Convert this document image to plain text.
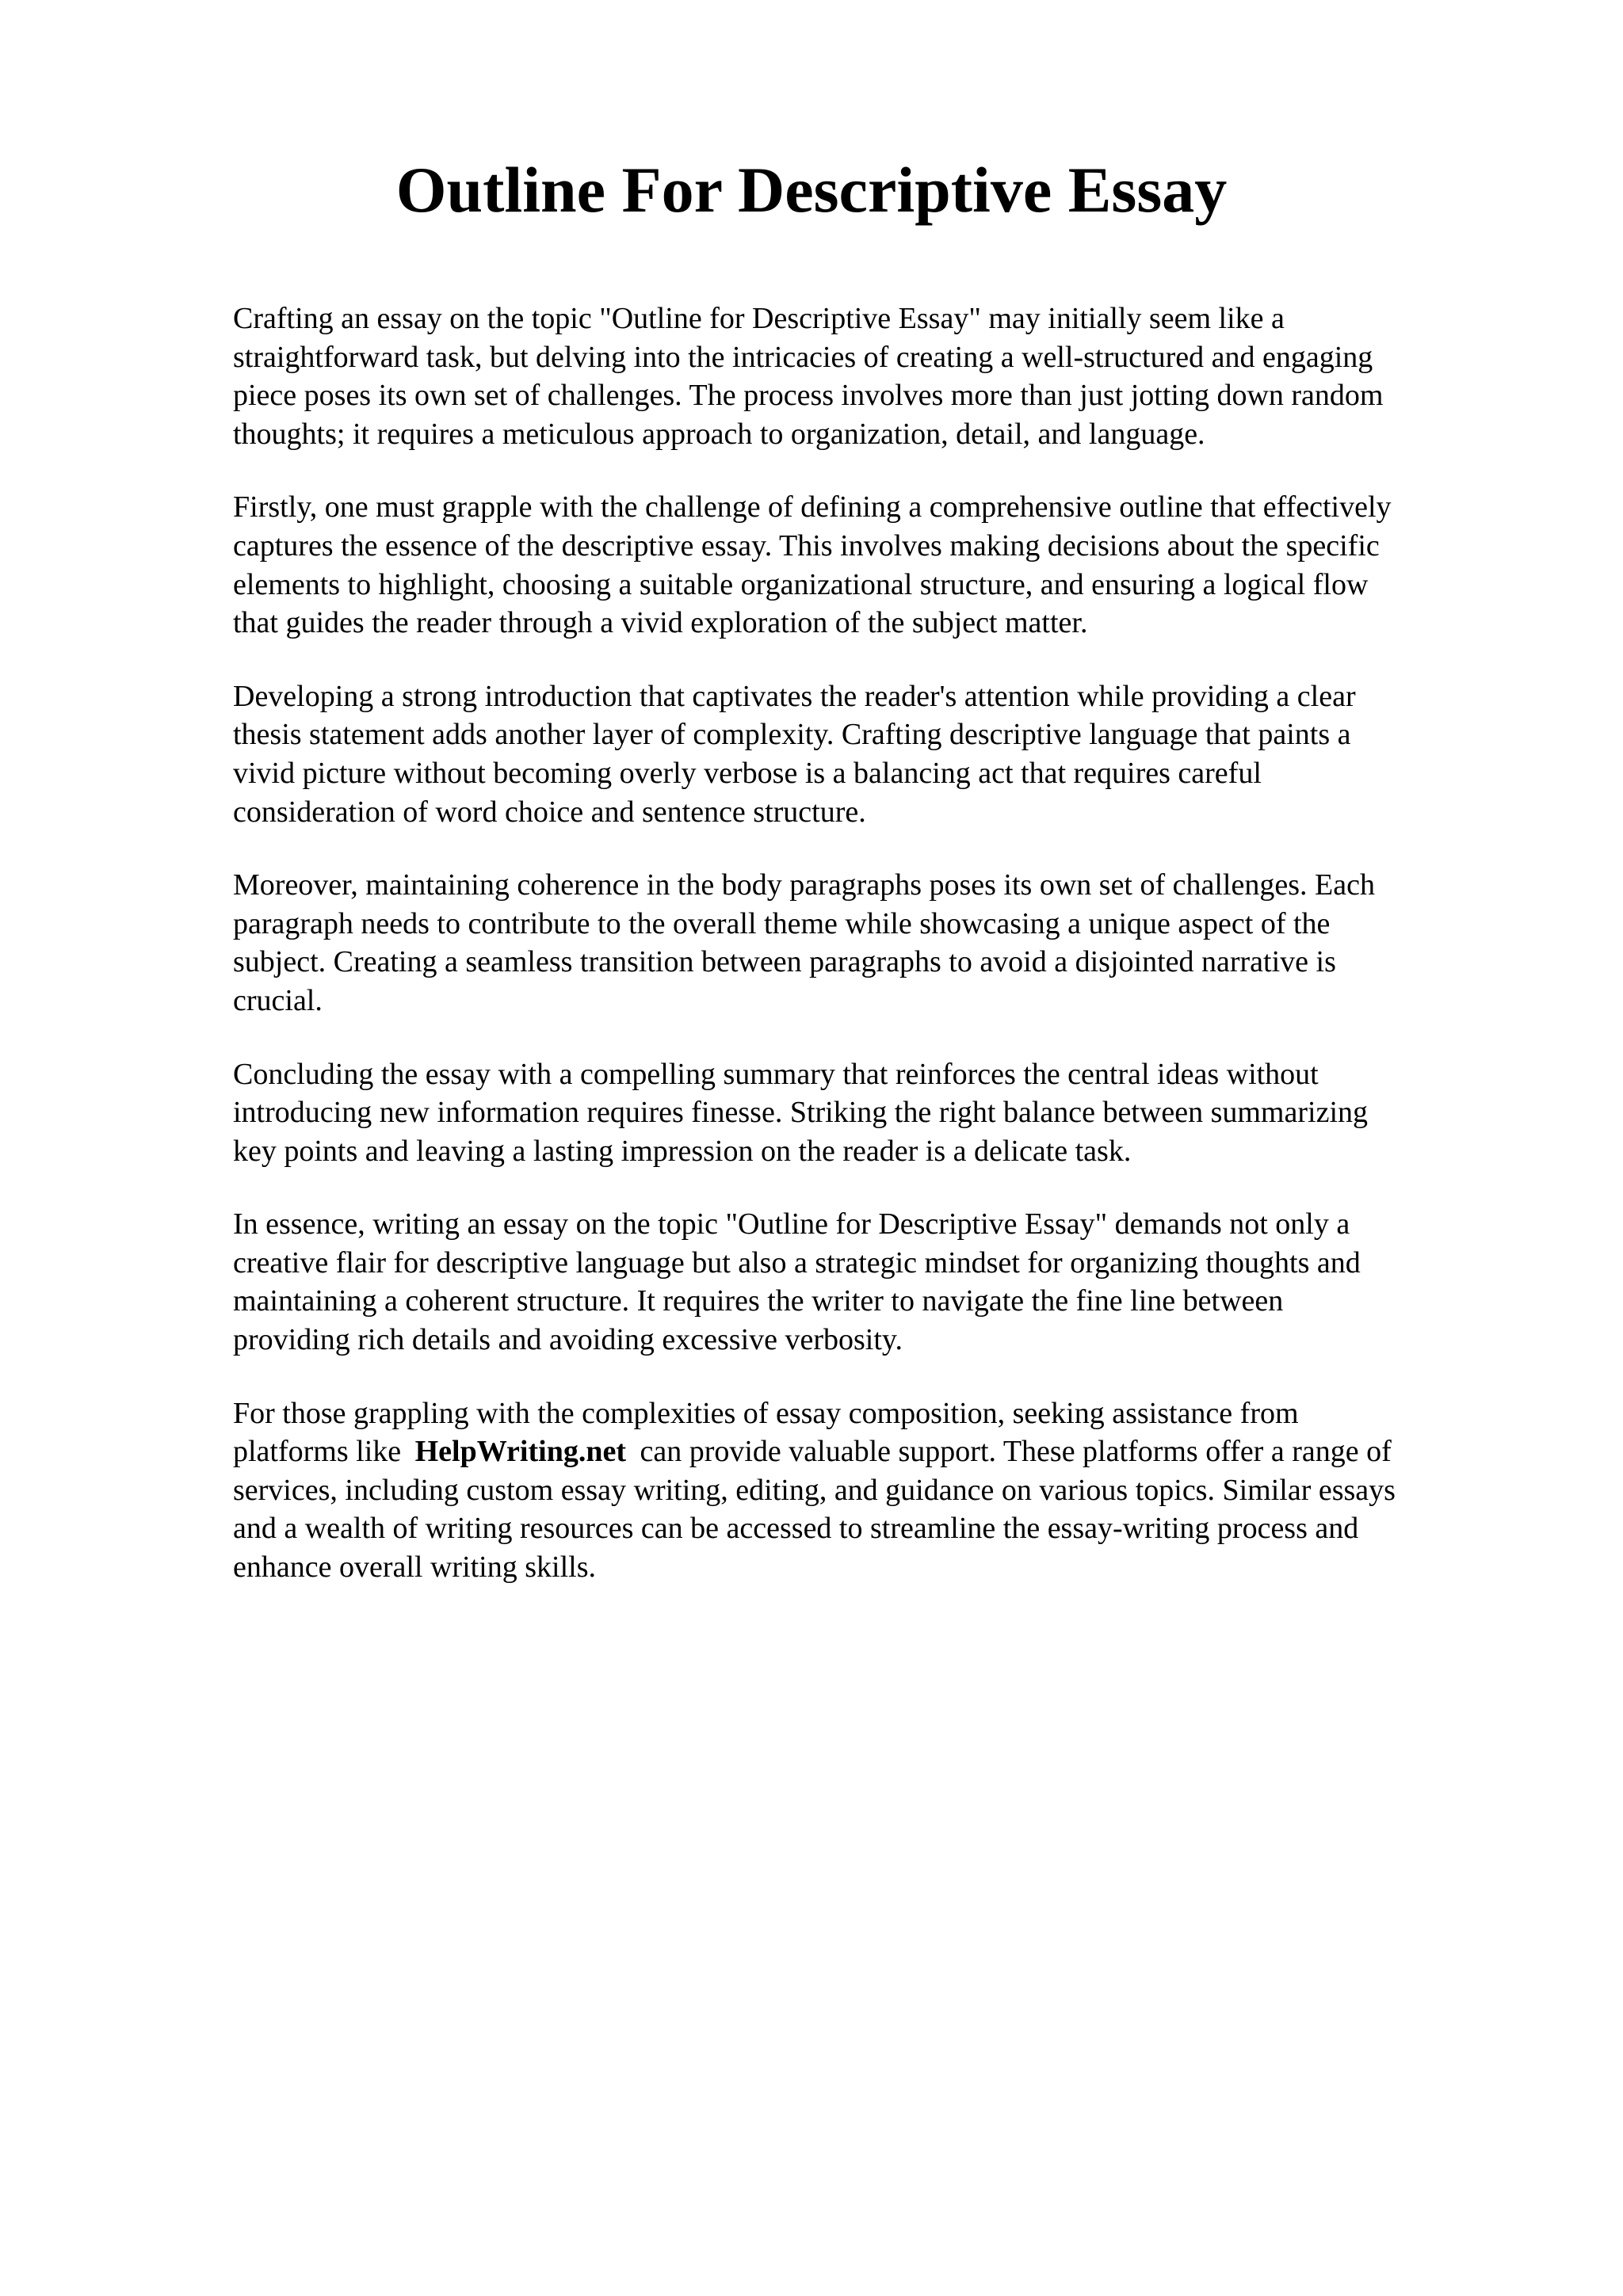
Outline For Descriptive Essay

Crafting an essay on the topic "Outline for Descriptive Essay" may initially seem like a
straightforward task, but delving into the intricacies of creating a well-structured and engaging
piece poses its own set of challenges. The process involves more than just jotting down random
thoughts; it requires a meticulous approach to organization, detail, and language.

Firstly, one must grapple with the challenge of defining a comprehensive outline that effectively
captures the essence of the descriptive essay. This involves making decisions about the specific
elements to highlight, choosing a suitable organizational structure, and ensuring a logical flow
that guides the reader through a vivid exploration of the subject matter.

Developing a strong introduction that captivates the reader's attention while providing a clear
thesis statement adds another layer of complexity. Crafting descriptive language that paints a
vivid picture without becoming overly verbose is a balancing act that requires careful
consideration of word choice and sentence structure.

Moreover, maintaining coherence in the body paragraphs poses its own set of challenges. Each
paragraph needs to contribute to the overall theme while showcasing a unique aspect of the
subject. Creating a seamless transition between paragraphs to avoid a disjointed narrative is
crucial.

Concluding the essay with a compelling summary that reinforces the central ideas without
introducing new information requires finesse. Striking the right balance between summarizing
key points and leaving a lasting impression on the reader is a delicate task.

In essence, writing an essay on the topic "Outline for Descriptive Essay" demands not only a
creative flair for descriptive language but also a strategic mindset for organizing thoughts and
maintaining a coherent structure. It requires the writer to navigate the fine line between
providing rich details and avoiding excessive verbosity.

For those grappling with the complexities of essay composition, seeking assistance from
platforms like HelpWriting.net can provide valuable support. These platforms offer a range of
services, including custom essay writing, editing, and guidance on various topics. Similar essays
and a wealth of writing resources can be accessed to streamline the essay-writing process and
enhance overall writing skills.
